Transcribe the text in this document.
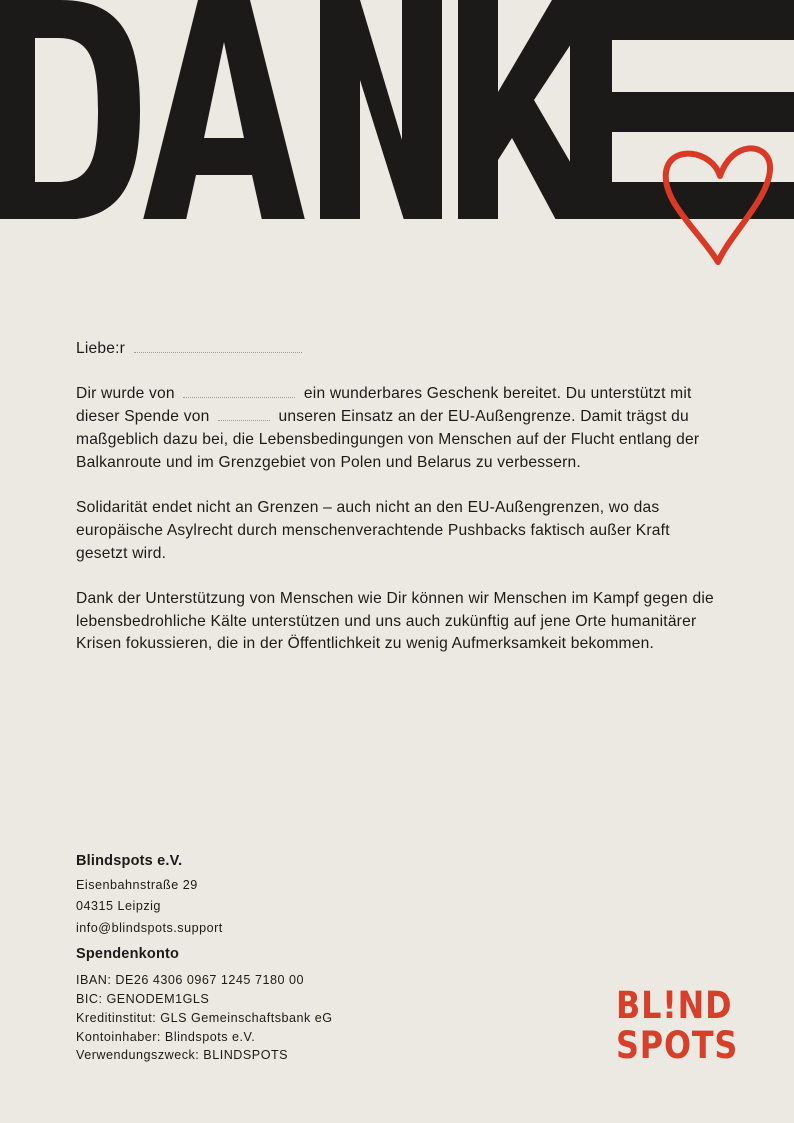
Liebe:r

Dir wurde von	ein wunderbares Geschenk bereitet. Du unterstützt mit dieser Spende von	unseren Einsatz an der EU-Außengrenze. Damit trägst du maßgeblich dazu bei, die Lebensbedingungen von Menschen auf der Flucht entlang der Balkanroute und im Grenzgebiet von Polen und Belarus zu verbessern.

Solidarität endet nicht an Grenzen – auch nicht an den EU-Außengrenzen, wo das europäische Asylrecht durch menschenverachtende Pushbacks faktisch außer Kraft gesetzt wird.

Dank der Unterstützung von Menschen wie Dir können wir Menschen im Kampf gegen die lebensbedrohliche Kälte unterstützen und uns auch zukünftig auf jene Orte humanitärer Krisen fokussieren, die in der Öffentlichkeit zu wenig Aufmerksamkeit bekommen.

Blindspots e.V.
Eisenbahnstraße 29
04315 Leipzig
info@blindspots.support
Spendenkonto
IBAN: DE26 4306 0967 1245 7180 00
BIC: GENODEM1GLS
Kreditinstitut: GLS Gemeinschaftsbank eG
Kontoinhaber: Blindspots e.V.
Verwendungszweck: BLINDSPOTS
BL!ND
SPOTS
